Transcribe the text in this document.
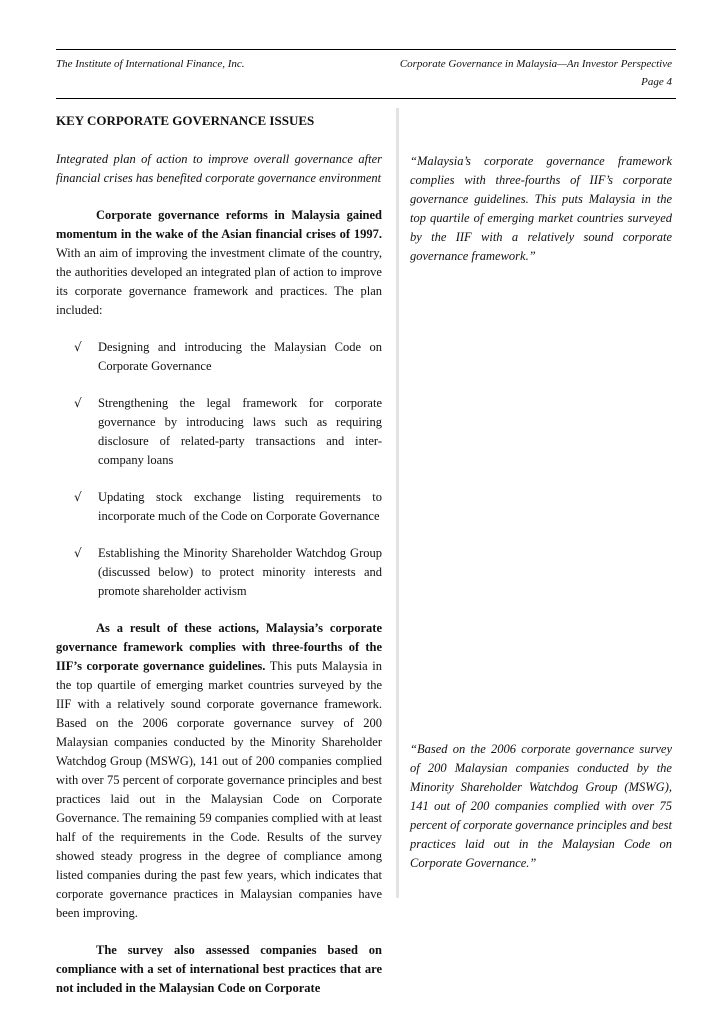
The Institute of International Finance, Inc.	Corporate Governance in Malaysia—An Investor Perspective
Page 4
KEY CORPORATE GOVERNANCE ISSUES

Integrated plan of action to improve overall governance after financial crises has benefited corporate governance environment

Corporate governance reforms in Malaysia gained momentum in the wake of the Asian financial crises of 1997. With an aim of improving the investment climate of the country, the authorities developed an integrated plan of action to improve its corporate governance framework and practices. The plan included:

√ Designing and introducing the Malaysian Code on Corporate Governance
√ Strengthening the legal framework for corporate governance by introducing laws such as requiring disclosure of related-party transactions and inter-company loans
√ Updating stock exchange listing requirements to incorporate much of the Code on Corporate Governance
√ Establishing the Minority Shareholder Watchdog Group (discussed below) to protect minority interests and promote shareholder activism

As a result of these actions, Malaysia’s corporate governance framework complies with three-fourths of the IIF’s corporate governance guidelines. This puts Malaysia in the top quartile of emerging market countries surveyed by the IIF with a relatively sound corporate governance framework. Based on the 2006 corporate governance survey of 200 Malaysian companies conducted by the Minority Shareholder Watchdog Group (MSWG), 141 out of 200 companies complied with over 75 percent of corporate governance principles and best practices laid out in the Malaysian Code on Corporate Governance. The remaining 59 companies complied with at least half of the requirements in the Code. Results of the survey showed steady progress in the degree of compliance among listed companies during the past few years, which indicates that corporate governance practices in Malaysian companies have been improving.

The survey also assessed companies based on compliance with a set of international best practices that are not included in the Malaysian Code on Corporate

“Malaysia’s corporate governance framework complies with three-fourths of IIF’s corporate governance guidelines. This puts Malaysia in the top quartile of emerging market countries surveyed by the IIF with a relatively sound corporate governance framework.”
“Based on the 2006 corporate governance survey of 200 Malaysian companies conducted by the Minority Shareholder Watchdog Group (MSWG), 141 out of 200 companies complied with over 75 percent of corporate governance principles and best practices laid out in the Malaysian Code on Corporate Governance.”
